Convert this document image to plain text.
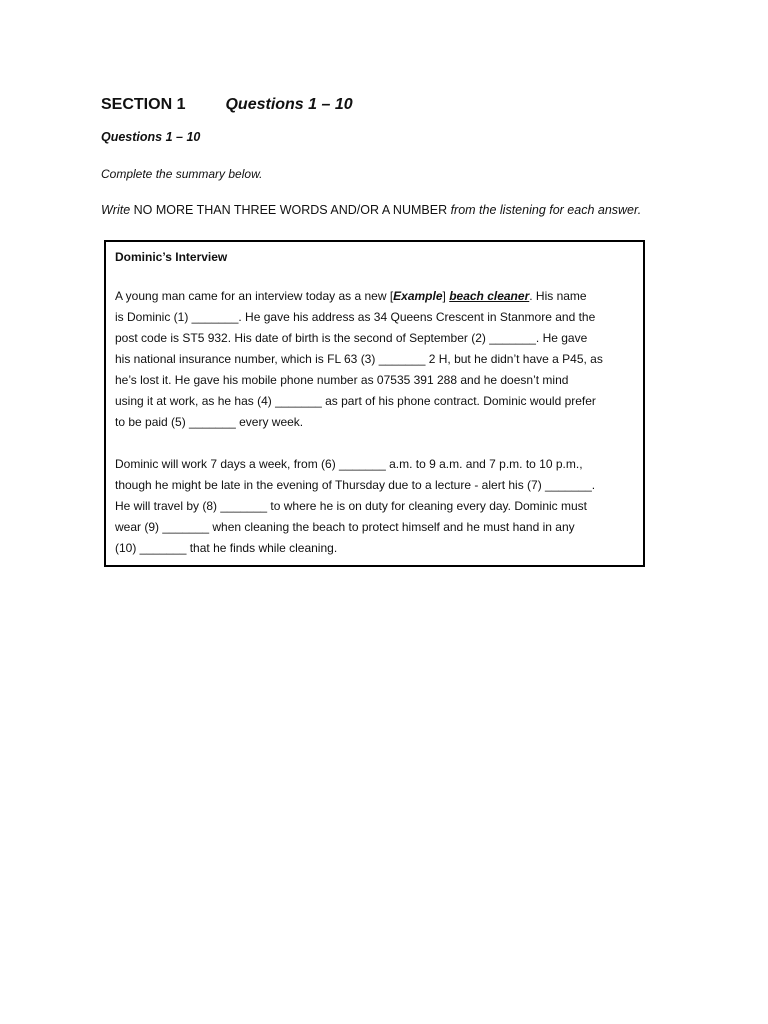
SECTION 1	Questions 1 – 10
Questions 1 – 10
Complete the summary below.
Write NO MORE THAN THREE WORDS AND/OR A NUMBER from the listening for each answer.
Dominic’s Interview
A young man came for an interview today as a new [Example] beach cleaner. His name
is Dominic (1) _______. He gave his address as 34 Queens Crescent in Stanmore and the
post code is ST5 932. His date of birth is the second of September (2) _______. He gave
his national insurance number, which is FL 63 (3) _______ 2 H, but he didn’t have a P45, as
he’s lost it. He gave his mobile phone number as 07535 391 288 and he doesn’t mind
using it at work, as he has (4) _______ as part of his phone contract. Dominic would prefer
to be paid (5) _______ every week.
Dominic will work 7 days a week, from (6) _______ a.m. to 9 a.m. and 7 p.m. to 10 p.m.,
though he might be late in the evening of Thursday due to a lecture - alert his (7) _______.
He will travel by (8) _______ to where he is on duty for cleaning every day. Dominic must
wear (9) _______ when cleaning the beach to protect himself and he must hand in any
(10) _______ that he finds while cleaning.
